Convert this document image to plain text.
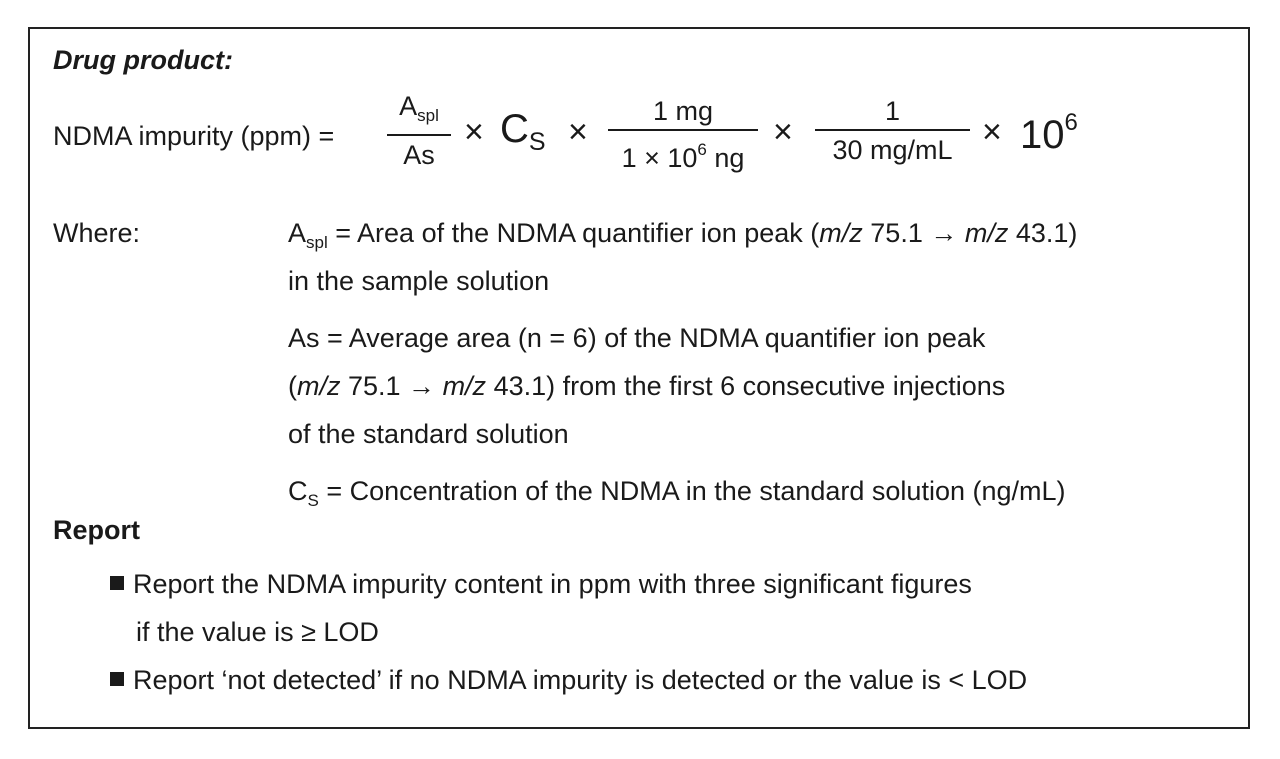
Drug product:
NDMA impurity (ppm) =
$A_{spl}$
As
× $C_S$ ×
1 mg
$1 \times 10^6$ ng
×
1
30 $mg/mL \times 10^6$
Where:	$A_{spl}$ = Area of the NDMA quantifier ion peak (m/z 75.1 → m/z 43.1)
in the sample solution
As = Average area (n = 6) of the NDMA quantifier ion peak
(m/z 75.1 → m/z 43.1) from the first 6 consecutive injections
of the standard solution
$C_S$ = Concentration of the NDMA in the standard solution (ng/mL)
Report
Report the NDMA impurity content in ppm with three significant figures
if the value is ≥ LOD
Report ‘not detected’ if no NDMA impurity is detected or the value is < LOD
